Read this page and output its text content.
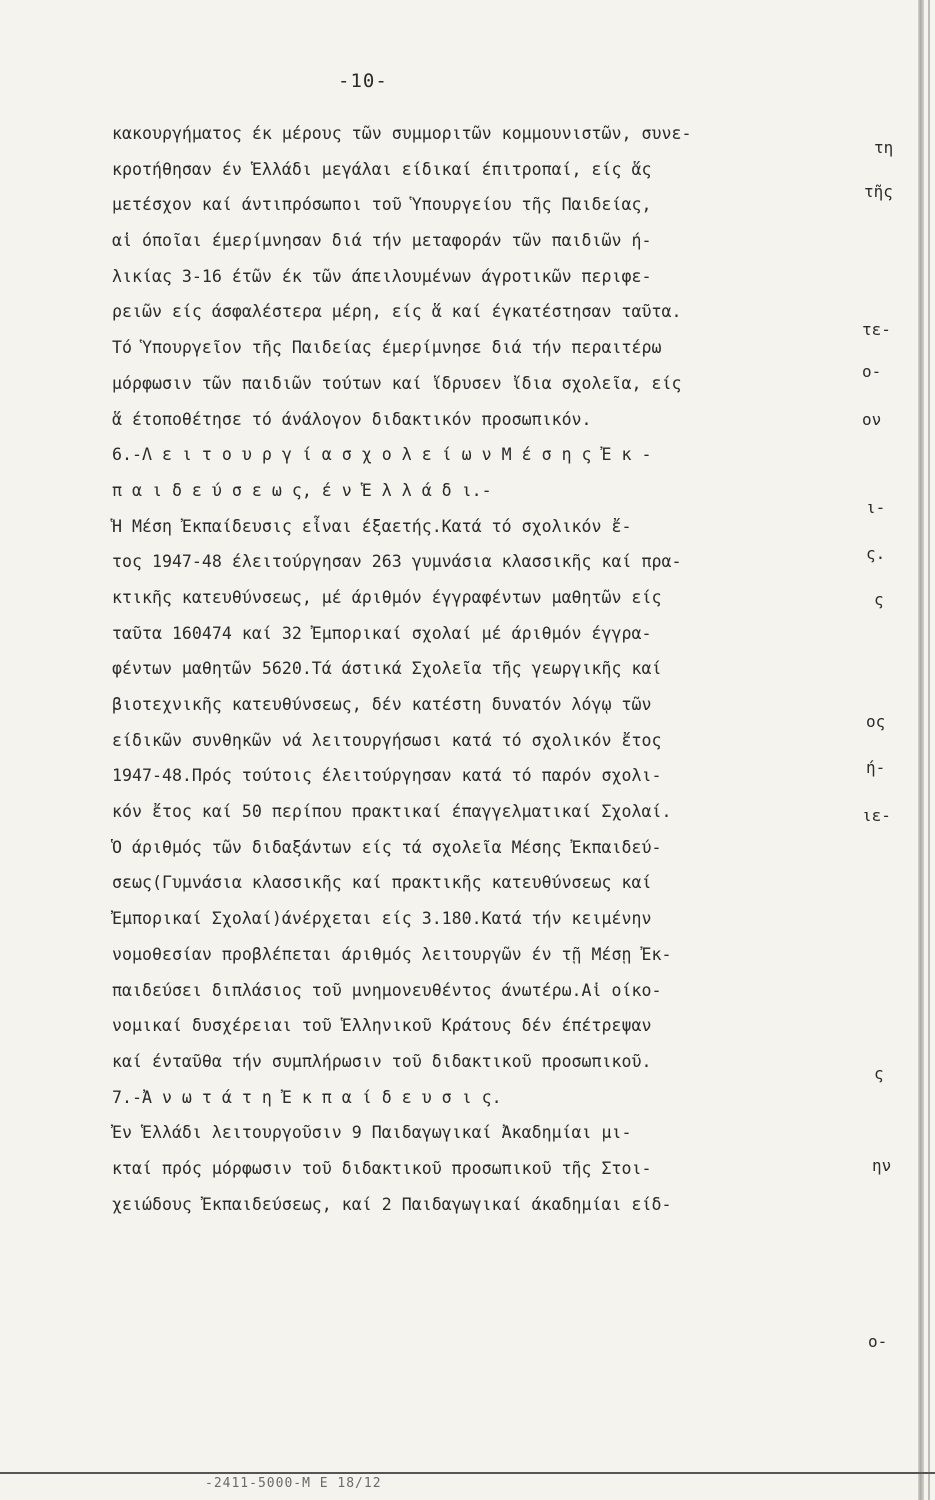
-10-
κακουργήματος έκ μέρους τῶν συμμοριτῶν κομμουνιστῶν, συνε-
κροτήθησαν έν Ἑλλάδι μεγάλαι είδικαί έπιτροπαί, είς ἅς
μετέσχον καί άντιπρόσωποι τοῦ Ὑπουργείου τῆς Παιδείας,
αἱ όποῖαι έμερίμνησαν διά τήν μεταφοράν τῶν παιδιῶν ή-
λικίας 3-16 έτῶν έκ τῶν άπειλουμένων άγροτικῶν περιφε-
ρειῶν είς άσφαλέστερα μέρη, είς ἅ καί έγκατέστησαν ταῦτα.
Τό Ὑπουργεῖον τῆς Παιδείας έμερίμνησε διά τήν περαιτέρω
μόρφωσιν τῶν παιδιῶν τούτων καί ἵδρυσεν ἴδια σχολεῖα, είς
ἅ έτοποθέτησε τό άνάλογον διδακτικόν προσωπικόν.
6.-Λ ε ι τ ο υ ρ γ ί α σ χ ο λ ε ί ω ν Μ έ σ η ς Ἐ κ -
π α ι δ ε ύ σ ε ω ς, έ ν Ἑ λ λ ά δ ι.-
Ἡ Μέση Ἐκπαίδευσις εἶναι έξαετής.Κατά τό σχολικόν ἔ-
τος 1947-48 έλειτούργησαν 263 γυμνάσια κλασσικῆς καί πρα-
κτικῆς κατευθύνσεως, μέ άριθμόν έγγραφέντων μαθητῶν είς
ταῦτα 160474 καί 32 Ἐμπορικαί σχολαί μέ άριθμόν έγγρα-
φέντων μαθητῶν 5620.Τά άστικά Σχολεῖα τῆς γεωργικῆς καί
βιοτεχνικῆς κατευθύνσεως, δέν κατέστη δυνατόν λόγῳ τῶν
είδικῶν συνθηκῶν νά λειτουργήσωσι κατά τό σχολικόν ἔτος
1947-48.Πρός τούτοις έλειτούργησαν κατά τό παρόν σχολι-
κόν ἔτος καί 50 περίπου πρακτικαί έπαγγελματικαί Σχολαί.
Ὁ άριθμός τῶν διδαξάντων είς τά σχολεῖα Μέσης Ἐκπαιδεύ-
σεως(Γυμνάσια κλασσικῆς καί πρακτικῆς κατευθύνσεως καί
Ἐμπορικαί Σχολαί)άνέρχεται είς 3.180.Κατά τήν κειμένην
νομοθεσίαν προβλέπεται άριθμός λειτουργῶν έν τῇ Μέσῃ Ἐκ-
παιδεύσει διπλάσιος τοῦ μνημονευθέντος άνωτέρω.Αἱ οίκο-
νομικαί δυσχέρειαι τοῦ Ἑλληνικοῦ Κράτους δέν έπέτρεψαν
καί ένταῦθα τήν συμπλήρωσιν τοῦ διδακτικοῦ προσωπικοῦ.
7.-Ἀ ν ω τ ά τ η Ἐ κ π α ί δ ε υ σ ι ς.
Ἐν Ἑλλάδι λειτουργοῦσιν 9 Παιδαγωγικαί Ἀκαδημίαι μι-
κταί πρός μόρφωσιν τοῦ διδακτικοῦ προσωπικοῦ τῆς Στοι-
χειώδους Ἐκπαιδεύσεως, καί 2 Παιδαγωγικαί άκαδημίαι είδ-
τη
τῆς
τε-
ο-
ον
ι-
ς.
ς
ος
ή-
ιε-
ς
ην
ο-
-2411-5000-M E 18/12
